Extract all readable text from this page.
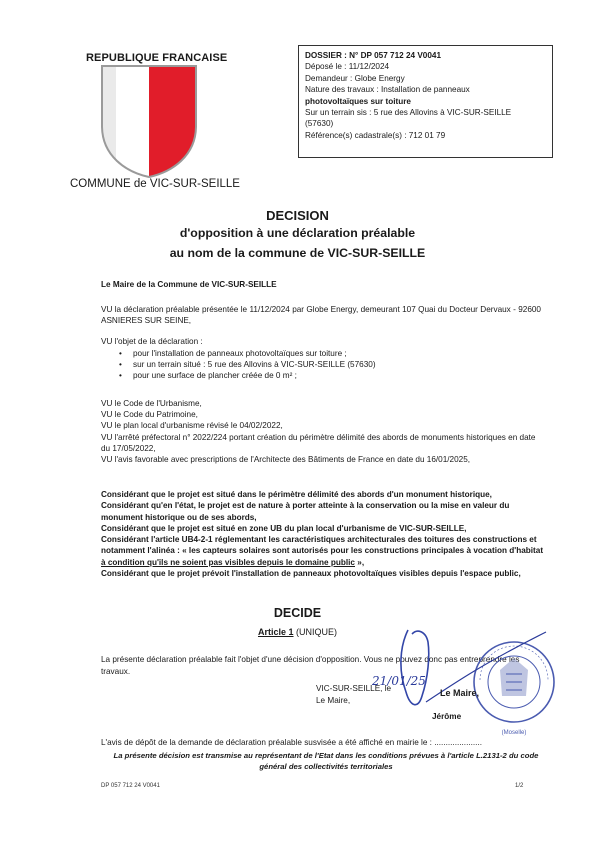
REPUBLIQUE FRANCAISE
COMMUNE de VIC-SUR-SEILLE
DOSSIER : N° DP 057 712 24 V0041
Déposé le : 11/12/2024
Demandeur : Globe Energy
Nature des travaux : Installation de panneaux
photovoltaïques sur toiture
Sur un terrain sis : 5 rue des Allovins à VIC-SUR-SEILLE
(57630)
Référence(s) cadastrale(s) : 712 01 79
DECISION
d'opposition à une déclaration préalable
au nom de la commune de VIC-SUR-SEILLE
Le Maire de la Commune de VIC-SUR-SEILLE
VU la déclaration préalable présentée le 11/12/2024 par Globe Energy, demeurant 107 Quai du Docteur Dervaux - 92600 ASNIERES SUR SEINE,
VU l'objet de la déclaration :
• pour l'installation de panneaux photovoltaïques sur toiture ;
• sur un terrain situé : 5 rue des Allovins à VIC-SUR-SEILLE (57630)
• pour une surface de plancher créée de 0 m² ;
VU le Code de l'Urbanisme,
VU le Code du Patrimoine,
VU le plan local d'urbanisme révisé le 04/02/2022,
VU l'arrêté préfectoral n° 2022/224 portant création du périmètre délimité des abords de monuments historiques en date du 17/05/2022,
VU l'avis favorable avec prescriptions de l'Architecte des Bâtiments de France en date du 16/01/2025,
Considérant que le projet est situé dans le périmètre délimité des abords d'un monument historique,
Considérant qu'en l'état, le projet est de nature à porter atteinte à la conservation ou la mise en valeur du monument historique ou de ses abords,
Considérant que le projet est situé en zone UB du plan local d'urbanisme de VIC-SUR-SEILLE,
Considérant l'article UB4-2-1 réglementant les caractéristiques architecturales des toitures des constructions et notamment l'alinéa : « les capteurs solaires sont autorisés pour les constructions principales à vocation d'habitat à condition qu'ils ne soient pas visibles depuis le domaine public »,
Considérant que le projet prévoit l'installation de panneaux photovoltaïques visibles depuis l'espace public,
DECIDE
Article 1 (UNIQUE)
La présente déclaration préalable fait l'objet d'une décision d'opposition. Vous ne pouvez donc pas entreprendre les travaux.
(Moselle)
VIC-SUR-SEILLE, le
21/01/25
Le Maire,
Le Maire,
Jérôme
L'avis de dépôt de la demande de déclaration préalable susvisée a été affiché en mairie le : .....................
La présente décision est transmise au représentant de l'Etat dans les conditions prévues à l'article L.2131-2 du code général des collectivités territoriales
DP 057 712 24 V0041	1/2
